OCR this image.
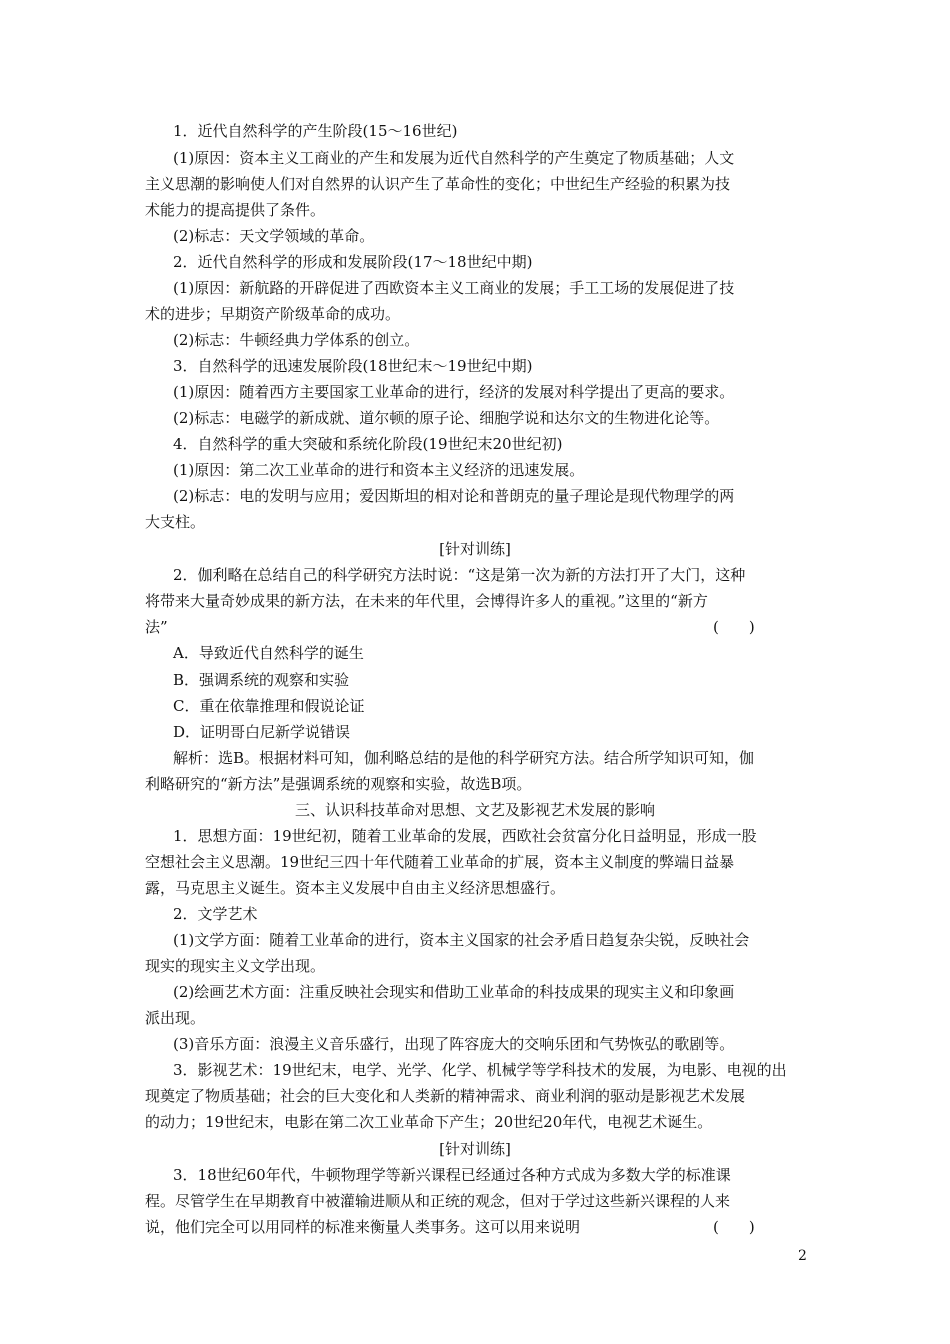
1．近代自然科学的产生阶段(15～16世纪)
(1)原因：资本主义工商业的产生和发展为近代自然科学的产生奠定了物质基础；人文
主义思潮的影响使人们对自然界的认识产生了革命性的变化；中世纪生产经验的积累为技
术能力的提高提供了条件。
(2)标志：天文学领域的革命。
2．近代自然科学的形成和发展阶段(17～18世纪中期)
(1)原因：新航路的开辟促进了西欧资本主义工商业的发展；手工工场的发展促进了技
术的进步；早期资产阶级革命的成功。
(2)标志：牛顿经典力学体系的创立。
3．自然科学的迅速发展阶段(18世纪末～19世纪中期)
(1)原因：随着西方主要国家工业革命的进行，经济的发展对科学提出了更高的要求。
(2)标志：电磁学的新成就、道尔顿的原子论、细胞学说和达尔文的生物进化论等。
4．自然科学的重大突破和系统化阶段(19世纪末20世纪初)
(1)原因：第二次工业革命的进行和资本主义经济的迅速发展。
(2)标志：电的发明与应用；爱因斯坦的相对论和普朗克的量子理论是现代物理学的两
大支柱。
[针对训练]
2．伽利略在总结自己的科学研究方法时说：“这是第一次为新的方法打开了大门，这种
将带来大量奇妙成果的新方法，在未来的年代里，会博得许多人的重视。”这里的“新方
法”	(　　)
A．导致近代自然科学的诞生
B．强调系统的观察和实验
C．重在依靠推理和假说论证
D．证明哥白尼新学说错误
解析：选B。根据材料可知，伽利略总结的是他的科学研究方法。结合所学知识可知，伽
利略研究的“新方法”是强调系统的观察和实验，故选B项。
三、认识科技革命对思想、文艺及影视艺术发展的影响
1．思想方面：19世纪初，随着工业革命的发展，西欧社会贫富分化日益明显，形成一股
空想社会主义思潮。19世纪三四十年代随着工业革命的扩展，资本主义制度的弊端日益暴
露，马克思主义诞生。资本主义发展中自由主义经济思想盛行。
2．文学艺术
(1)文学方面：随着工业革命的进行，资本主义国家的社会矛盾日趋复杂尖锐，反映社会
现实的现实主义文学出现。
(2)绘画艺术方面：注重反映社会现实和借助工业革命的科技成果的现实主义和印象画
派出现。
(3)音乐方面：浪漫主义音乐盛行，出现了阵容庞大的交响乐团和气势恢弘的歌剧等。
3．影视艺术：19世纪末，电学、光学、化学、机械学等学科技术的发展，为电影、电视的出
现奠定了物质基础；社会的巨大变化和人类新的精神需求、商业利润的驱动是影视艺术发展
的动力；19世纪末，电影在第二次工业革命下产生；20世纪20年代，电视艺术诞生。
[针对训练]
3．18世纪60年代，牛顿物理学等新兴课程已经通过各种方式成为多数大学的标准课
程。尽管学生在早期教育中被灌输进顺从和正统的观念，但对于学过这些新兴课程的人来
说，他们完全可以用同样的标准来衡量人类事务。这可以用来说明	(　　)
2
